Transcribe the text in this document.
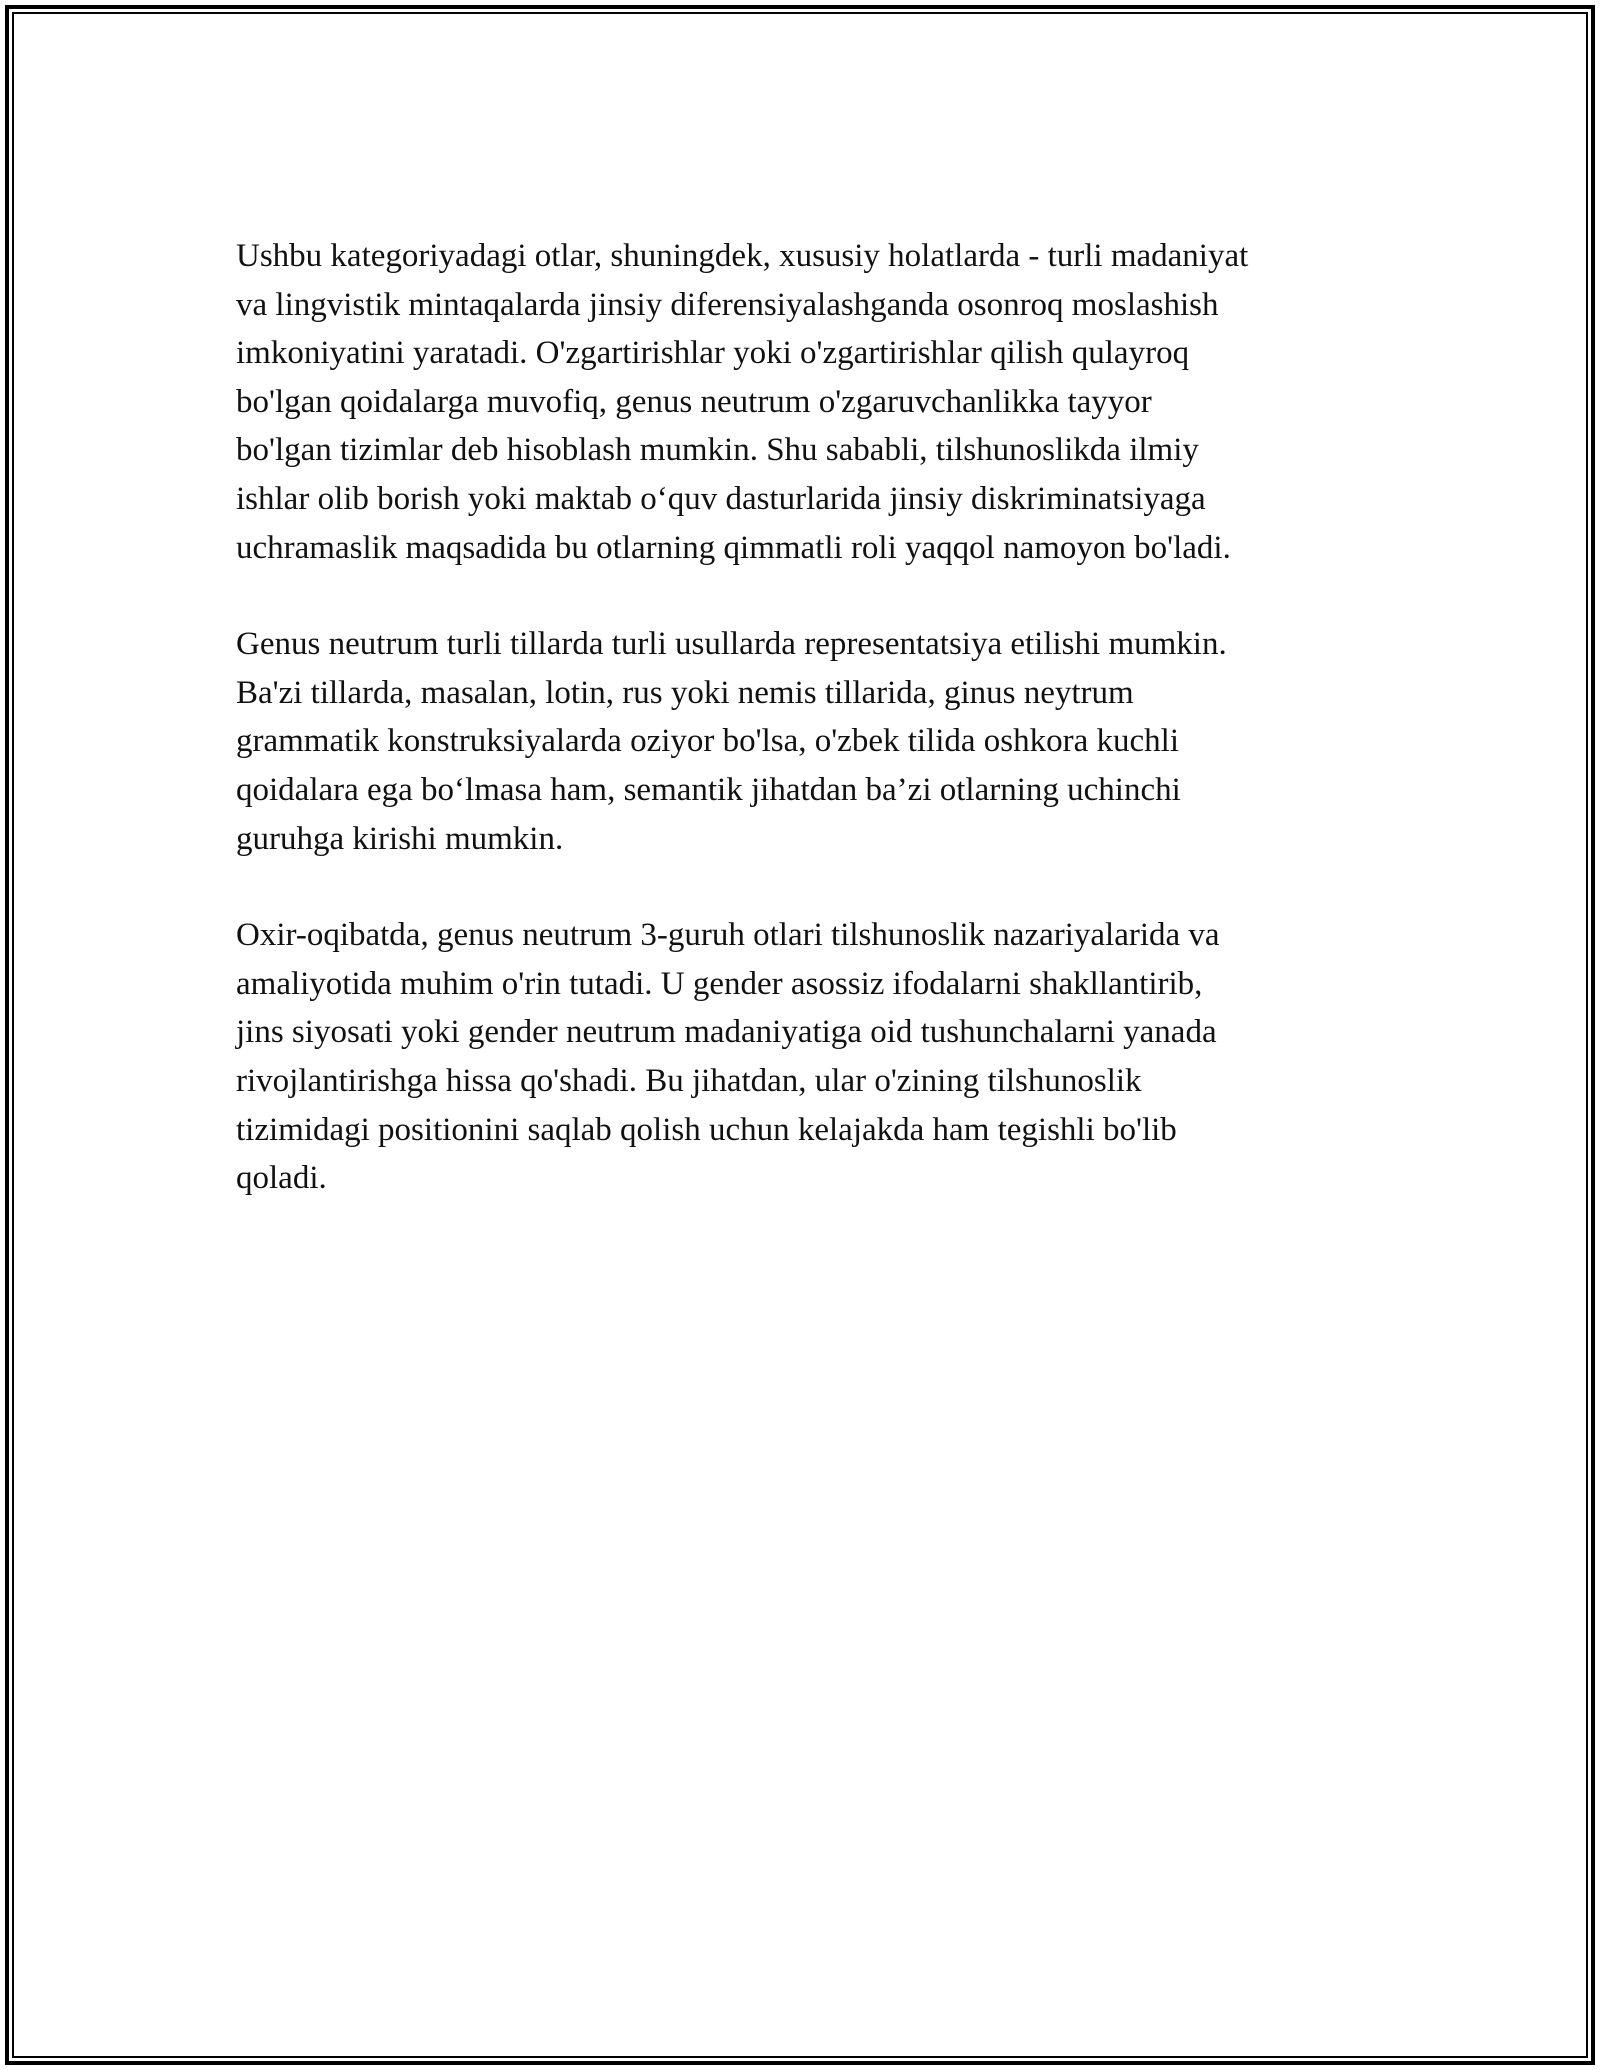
Ushbu kategoriyadagi otlar, shuningdek, xususiy holatlarda - turli madaniyat
va lingvistik mintaqalarda jinsiy diferensiyalashganda osonroq moslashish
imkoniyatini yaratadi. O'zgartirishlar yoki o'zgartirishlar qilish qulayroq
bo'lgan qoidalarga muvofiq, genus neutrum o'zgaruvchanlikka tayyor
bo'lgan tizimlar deb hisoblash mumkin. Shu sababli, tilshunoslikda ilmiy
ishlar olib borish yoki maktab o‘quv dasturlarida jinsiy diskriminatsiyaga
uchramaslik maqsadida bu otlarning qimmatli roli yaqqol namoyon bo'ladi.

Genus neutrum turli tillarda turli usullarda representatsiya etilishi mumkin.
Ba'zi tillarda, masalan, lotin, rus yoki nemis tillarida, ginus neytrum
grammatik konstruksiyalarda oziyor bo'lsa, o'zbek tilida oshkora kuchli
qoidalara ega bo‘lmasa ham, semantik jihatdan ba’zi otlarning uchinchi
guruhga kirishi mumkin.

Oxir-oqibatda, genus neutrum 3-guruh otlari tilshunoslik nazariyalarida va
amaliyotida muhim o'rin tutadi. U gender asossiz ifodalarni shakllantirib,
jins siyosati yoki gender neutrum madaniyatiga oid tushunchalarni yanada
rivojlantirishga hissa qo'shadi. Bu jihatdan, ular o'zining tilshunoslik
tizimidagi positionini saqlab qolish uchun kelajakda ham tegishli bo'lib
qoladi.
